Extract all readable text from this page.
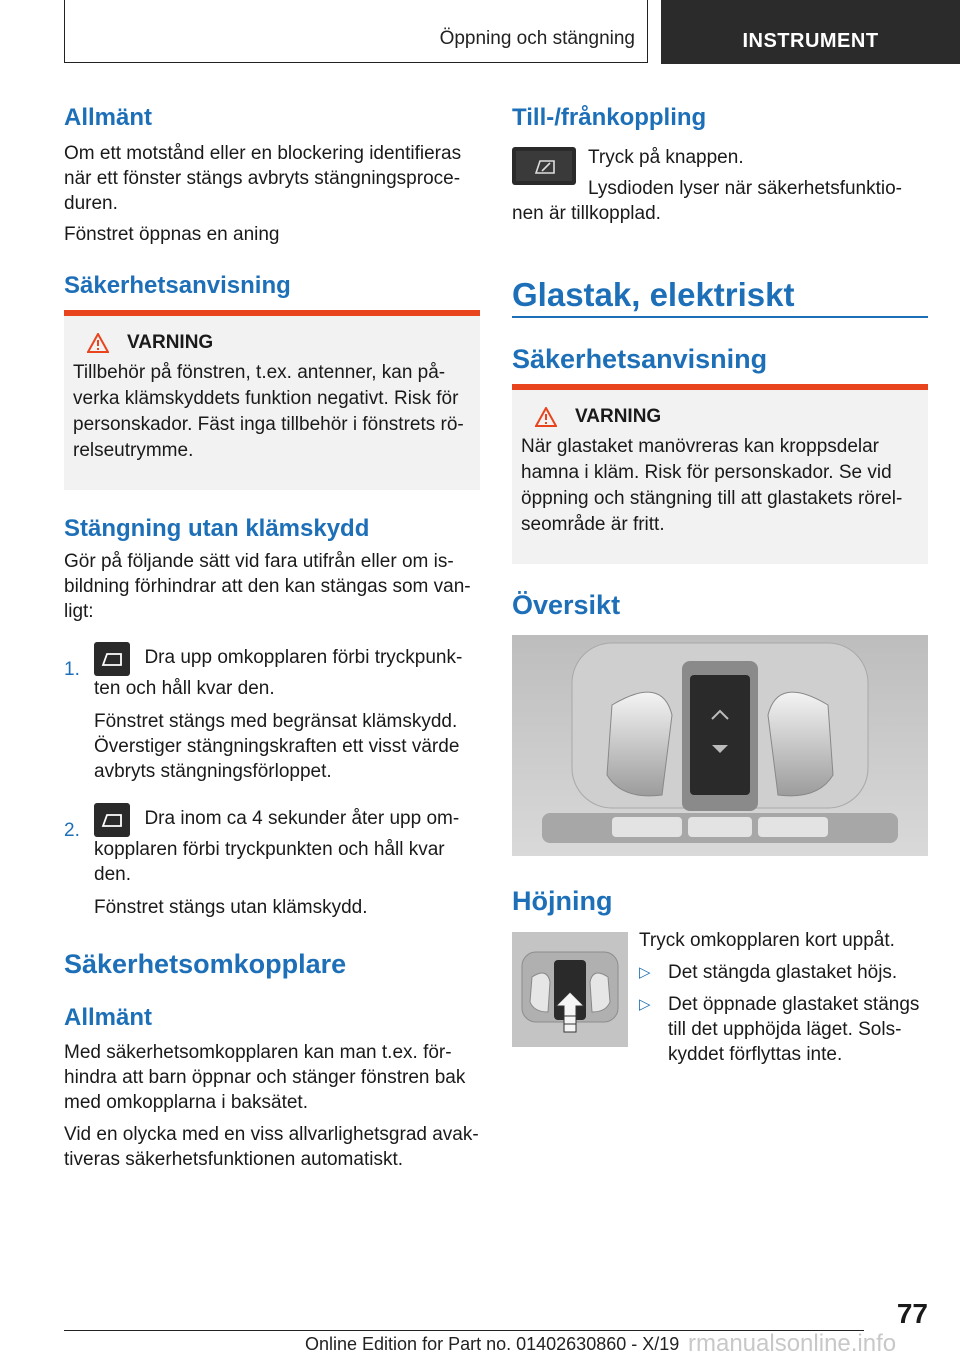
Öppning och stängning	INSTRUMENT
Allmänt

Om ett motstånd eller en blockering identifieras när ett fönster stängs avbryts stängningsproce-duren.

Fönstret öppnas en aning

Säkerhetsanvisning
VARNING

Tillbehör på fönstren, t.ex. antenner, kan på-verka klämskyddets funktion negativt. Risk för personskador. Fäst inga tillbehör i fönstrets rö-relseutrymme.

Stängning utan klämskydd

Gör på följande sätt vid fara utifrån eller om is-bildning förhindrar att den kan stängas som van-ligt:

1.
Dra upp omkopplaren förbi tryckpunk-ten och håll kvar den.

Fönstret stängs med begränsat klämskydd. Överstiger stängningskraften ett visst värde avbryts stängningsförloppet.

2.
Dra inom ca 4 sekunder åter upp om-kopplaren förbi tryckpunkten och håll kvar den.

Fönstret stängs utan klämskydd.

Säkerhetsomkopplare
Allmänt

Med säkerhetsomkopplaren kan man t.ex. för-hindra att barn öppnar och stänger fönstren bak med omkopplarna i baksätet.

Vid en olycka med en viss allvarlighetsgrad avak-tiveras säkerhetsfunktionen automatiskt.

Till-/frånkoppling

Tryck på knappen.

Lysdioden lyser när säkerhetsfunktio-nen är tillkopplad.

Glastak, elektriskt
Säkerhetsanvisning
VARNING

När glastaket manövreras kan kroppsdelar hamna i kläm. Risk för personskador. Se vid öppning och stängning till att glastakets rörel-seområde är fritt.

Översikt
Höjning

Tryck omkopplaren kort uppåt.

▷ Det stängda glastaket höjs.

▷ Det öppnade glastaket stängs till det upphöjda läget. Sols-kyddet förflyttas inte.

77
Online Edition for Part no. 01402630860 - X/19 rmanualsonline.info
